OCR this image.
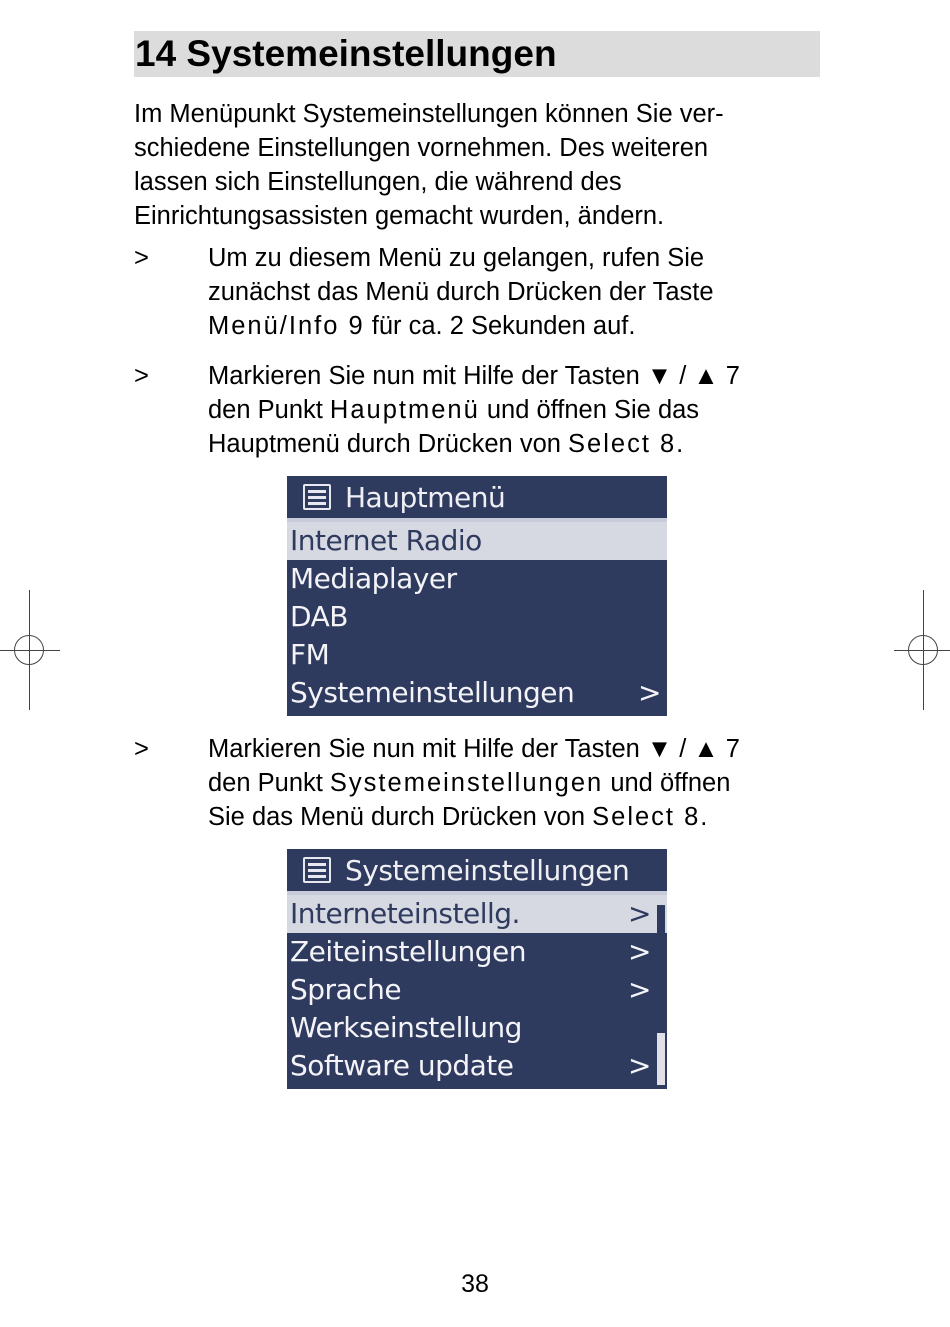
14 Systemeinstellungen
Im Menüpunkt Systemeinstellungen können Sie ver-
schiedene Einstellungen vornehmen. Des weiteren
lassen sich Einstellungen, die während des
Einrichtungsassisten gemacht wurden, ändern.
> Um zu diesem Menü zu gelangen, rufen Sie
zunächst das Menü durch Drücken der Taste
Menü/Info 9 für ca. 2 Sekunden auf.
> Markieren Sie nun mit Hilfe der Tasten ▼ / ▲ 7
den Punkt Hauptmenü und öffnen Sie das
Hauptmenü durch Drücken von Select 8.
Hauptmenü
Internet Radio
Mediaplayer
DAB
FM
Systemeinstellungen >
> Markieren Sie nun mit Hilfe der Tasten ▼ / ▲ 7
den Punkt Systemeinstellungen und öffnen
Sie das Menü durch Drücken von Select 8.
Systemeinstellungen
Interneteinstellg.	>
Zeiteinstellungen	>
Sprache	>
Werkseinstellung
Software update	>
38
